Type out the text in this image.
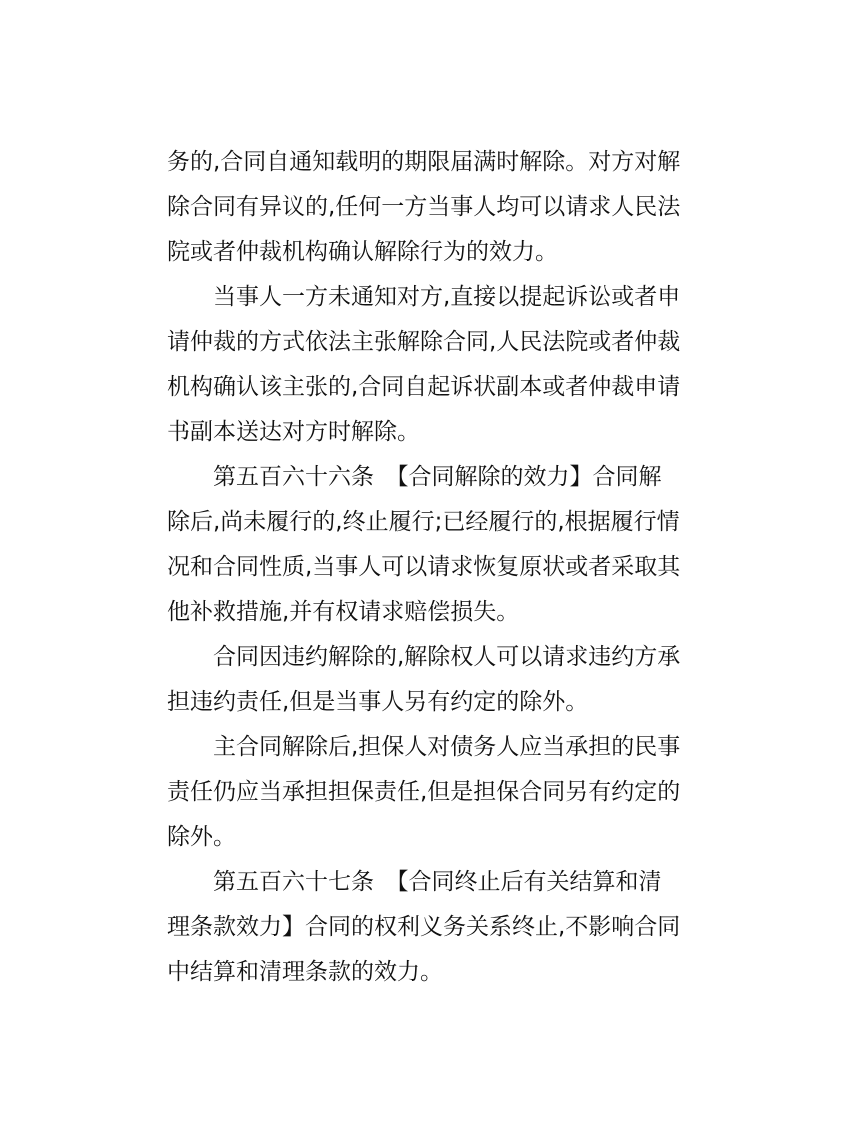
务的,合同自通知载明的期限届满时解除。对方对解
除合同有异议的,任何一方当事人均可以请求人民法
院或者仲裁机构确认解除行为的效力。
当事人一方未通知对方,直接以提起诉讼或者申
请仲裁的方式依法主张解除合同,人民法院或者仲裁
机构确认该主张的,合同自起诉状副本或者仲裁申请
书副本送达对方时解除。
第五百六十六条　【合同解除的效力】合同解
除后,尚未履行的,终止履行;已经履行的,根据履行情
况和合同性质,当事人可以请求恢复原状或者采取其
他补救措施,并有权请求赔偿损失。
合同因违约解除的,解除权人可以请求违约方承
担违约责任,但是当事人另有约定的除外。
主合同解除后,担保人对债务人应当承担的民事
责任仍应当承担担保责任,但是担保合同另有约定的
除外。
第五百六十七条　【合同终止后有关结算和清
理条款效力】合同的权利义务关系终止,不影响合同
中结算和清理条款的效力。
